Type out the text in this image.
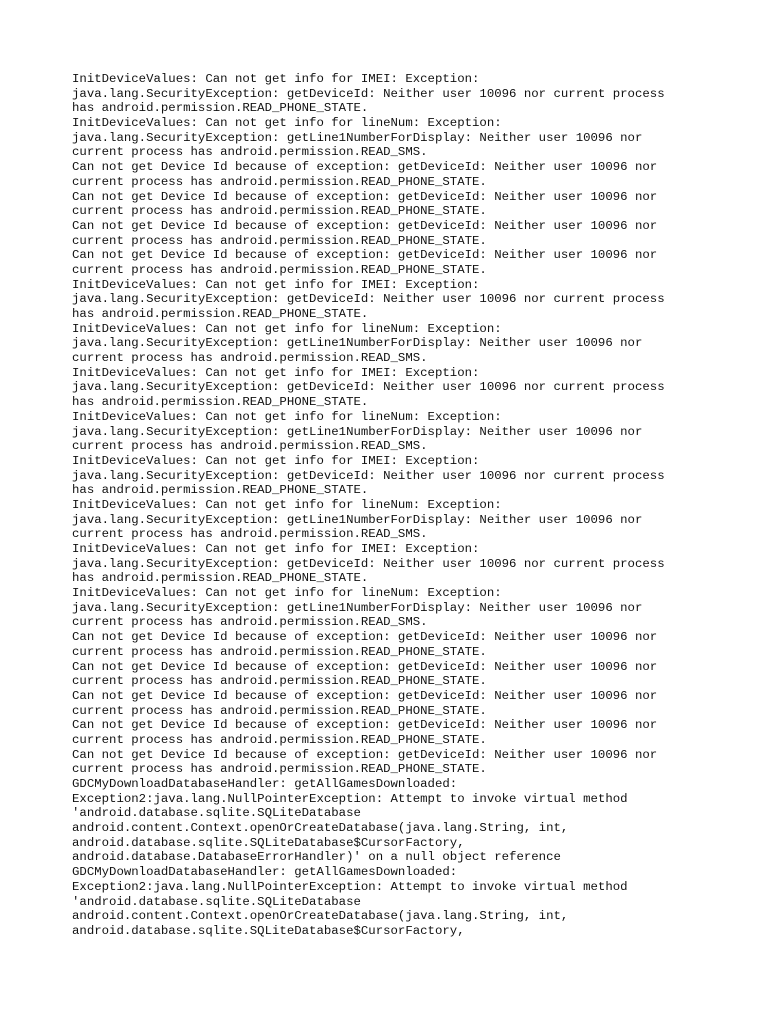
InitDeviceValues: Can not get info for IMEI: Exception:
java.lang.SecurityException: getDeviceId: Neither user 10096 nor current process
has android.permission.READ_PHONE_STATE.
InitDeviceValues: Can not get info for lineNum: Exception:
java.lang.SecurityException: getLine1NumberForDisplay: Neither user 10096 nor
current process has android.permission.READ_SMS.
Can not get Device Id because of exception: getDeviceId: Neither user 10096 nor
current process has android.permission.READ_PHONE_STATE.
Can not get Device Id because of exception: getDeviceId: Neither user 10096 nor
current process has android.permission.READ_PHONE_STATE.
Can not get Device Id because of exception: getDeviceId: Neither user 10096 nor
current process has android.permission.READ_PHONE_STATE.
Can not get Device Id because of exception: getDeviceId: Neither user 10096 nor
current process has android.permission.READ_PHONE_STATE.
InitDeviceValues: Can not get info for IMEI: Exception:
java.lang.SecurityException: getDeviceId: Neither user 10096 nor current process
has android.permission.READ_PHONE_STATE.
InitDeviceValues: Can not get info for lineNum: Exception:
java.lang.SecurityException: getLine1NumberForDisplay: Neither user 10096 nor
current process has android.permission.READ_SMS.
InitDeviceValues: Can not get info for IMEI: Exception:
java.lang.SecurityException: getDeviceId: Neither user 10096 nor current process
has android.permission.READ_PHONE_STATE.
InitDeviceValues: Can not get info for lineNum: Exception:
java.lang.SecurityException: getLine1NumberForDisplay: Neither user 10096 nor
current process has android.permission.READ_SMS.
InitDeviceValues: Can not get info for IMEI: Exception:
java.lang.SecurityException: getDeviceId: Neither user 10096 nor current process
has android.permission.READ_PHONE_STATE.
InitDeviceValues: Can not get info for lineNum: Exception:
java.lang.SecurityException: getLine1NumberForDisplay: Neither user 10096 nor
current process has android.permission.READ_SMS.
InitDeviceValues: Can not get info for IMEI: Exception:
java.lang.SecurityException: getDeviceId: Neither user 10096 nor current process
has android.permission.READ_PHONE_STATE.
InitDeviceValues: Can not get info for lineNum: Exception:
java.lang.SecurityException: getLine1NumberForDisplay: Neither user 10096 nor
current process has android.permission.READ_SMS.
Can not get Device Id because of exception: getDeviceId: Neither user 10096 nor
current process has android.permission.READ_PHONE_STATE.
Can not get Device Id because of exception: getDeviceId: Neither user 10096 nor
current process has android.permission.READ_PHONE_STATE.
Can not get Device Id because of exception: getDeviceId: Neither user 10096 nor
current process has android.permission.READ_PHONE_STATE.
Can not get Device Id because of exception: getDeviceId: Neither user 10096 nor
current process has android.permission.READ_PHONE_STATE.
Can not get Device Id because of exception: getDeviceId: Neither user 10096 nor
current process has android.permission.READ_PHONE_STATE.
GDCMyDownloadDatabaseHandler: getAllGamesDownloaded:
Exception2:java.lang.NullPointerException: Attempt to invoke virtual method
'android.database.sqlite.SQLiteDatabase
android.content.Context.openOrCreateDatabase(java.lang.String, int,
android.database.sqlite.SQLiteDatabase$CursorFactory,
android.database.DatabaseErrorHandler)' on a null object reference
GDCMyDownloadDatabaseHandler: getAllGamesDownloaded:
Exception2:java.lang.NullPointerException: Attempt to invoke virtual method
'android.database.sqlite.SQLiteDatabase
android.content.Context.openOrCreateDatabase(java.lang.String, int,
android.database.sqlite.SQLiteDatabase$CursorFactory,
